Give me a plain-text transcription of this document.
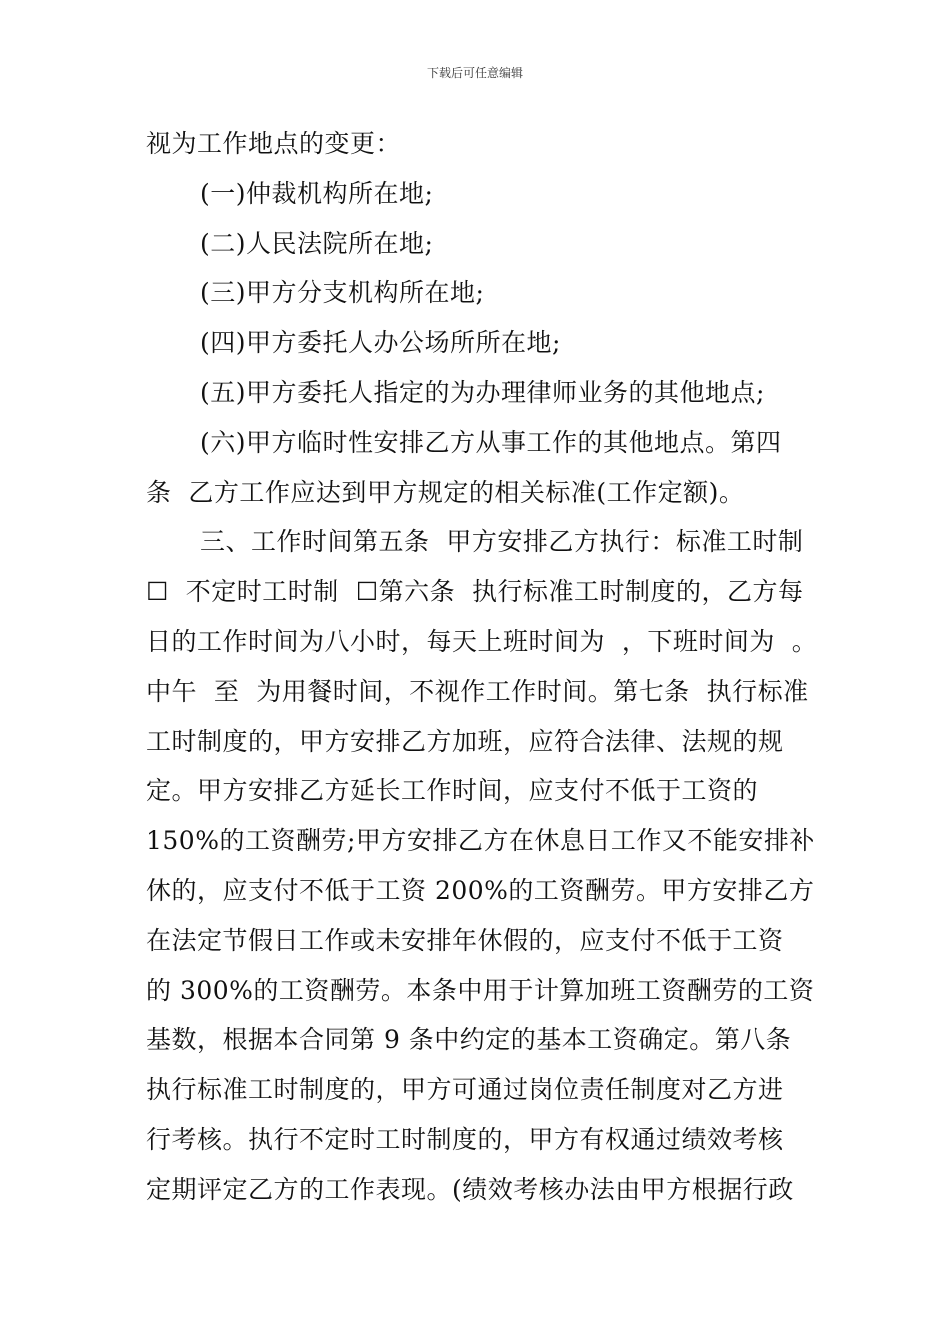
下载后可任意编辑
视为工作地点的变更：
(一)仲裁机构所在地;
(二)人民法院所在地;
(三)甲方分支机构所在地;
(四)甲方委托人办公场所所在地;
(五)甲方委托人指定的为办理律师业务的其他地点;
(六)甲方临时性安排乙方从事工作的其他地点。第四
条  乙方工作应达到甲方规定的相关标准(工作定额)。
三、工作时间第五条  甲方安排乙方执行：标准工时制
☐  不定时工时制  ☐第六条  执行标准工时制度的，乙方每
日的工作时间为八小时，每天上班时间为  ，下班时间为  。
中午  至  为用餐时间，不视作工作时间。第七条  执行标准
工时制度的，甲方安排乙方加班，应符合法律、法规的规
定。甲方安排乙方延长工作时间，应支付不低于工资的
150%的工资酬劳;甲方安排乙方在休息日工作又不能安排补
休的，应支付不低于工资 200%的工资酬劳。甲方安排乙方
在法定节假日工作或未安排年休假的，应支付不低于工资
的 300%的工资酬劳。本条中用于计算加班工资酬劳的工资
基数，根据本合同第 9 条中约定的基本工资确定。第八条
执行标准工时制度的，甲方可通过岗位责任制度对乙方进
行考核。执行不定时工时制度的，甲方有权通过绩效考核
定期评定乙方的工作表现。(绩效考核办法由甲方根据行政
